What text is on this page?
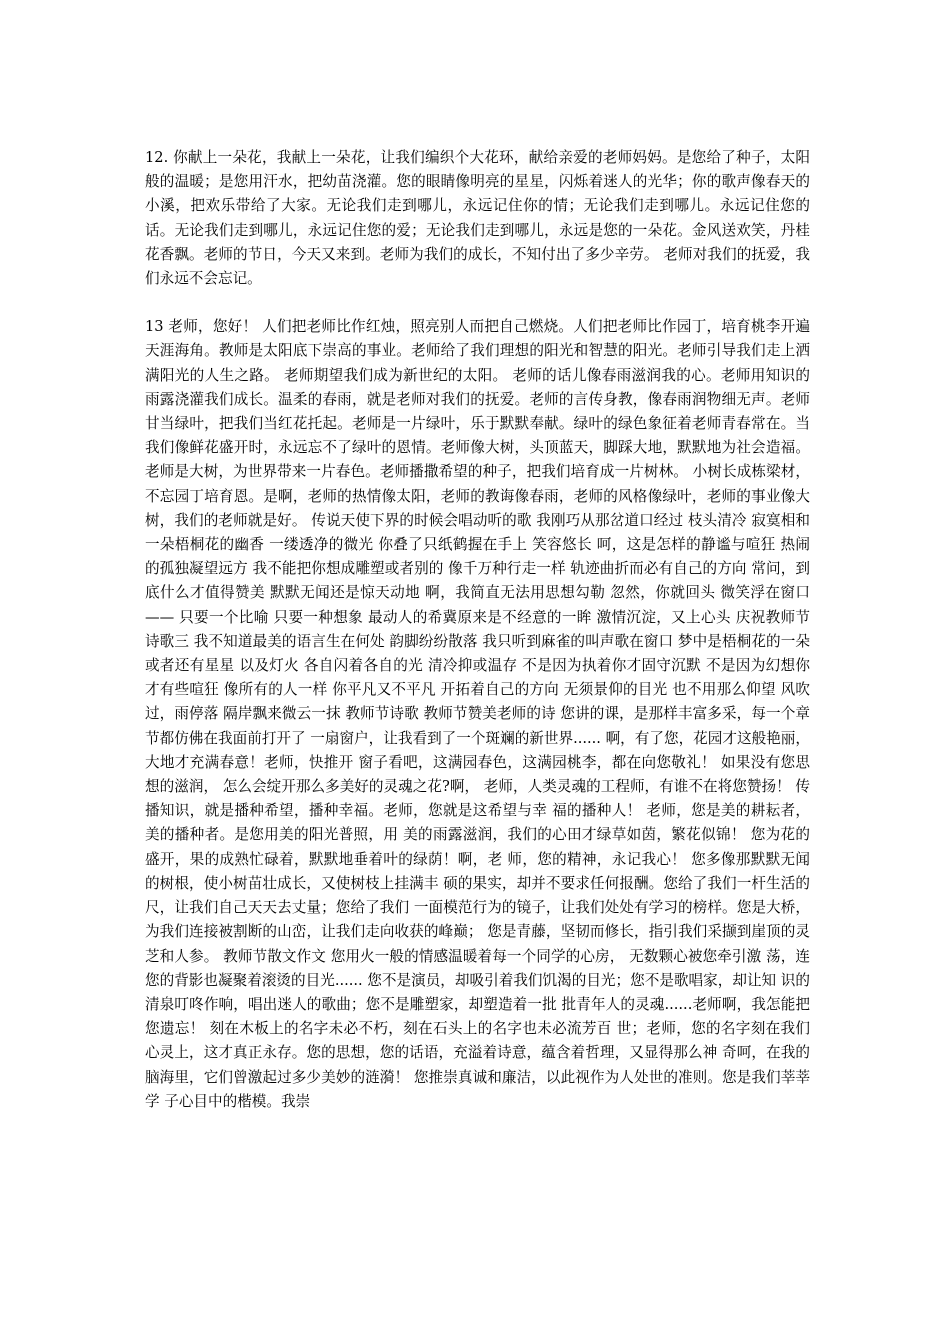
12. 你献上一朵花，我献上一朵花，让我们编织个大花环，献给亲爱的老师妈妈。是您给了种子，太阳般的温暖；是您用汗水，把幼苗浇灌。您的眼睛像明亮的星星，闪烁着迷人的光华；你的歌声像春天的小溪，把欢乐带给了大家。无论我们走到哪儿，永远记住你的情；无论我们走到哪儿。永远记住您的话。无论我们走到哪儿，永远记住您的爱；无论我们走到哪儿，永远是您的一朵花。金风送欢笑，丹桂花香飘。老师的节日，今天又来到。老师为我们的成长，不知付出了多少辛劳。 老师对我们的抚爱，我们永远不会忘记。

13 老师，您好！ 人们把老师比作红烛，照亮别人而把自己燃烧。人们把老师比作园丁，培育桃李开遍天涯海角。教师是太阳底下崇高的事业。老师给了我们理想的阳光和智慧的阳光。老师引导我们走上洒满阳光的人生之路。 老师期望我们成为新世纪的太阳。 老师的话儿像春雨滋润我的心。老师用知识的雨露浇灌我们成长。温柔的春雨，就是老师对我们的抚爱。老师的言传身教，像春雨润物细无声。老师甘当绿叶，把我们当红花托起。老师是一片绿叶，乐于默默奉献。绿叶的绿色象征着老师青春常在。当我们像鲜花盛开时，永远忘不了绿叶的恩情。老师像大树，头顶蓝天，脚踩大地，默默地为社会造福。老师是大树，为世界带来一片春色。老师播撒希望的种子，把我们培育成一片树林。 小树长成栋梁材，不忘园丁培育恩。是啊，老师的热情像太阳，老师的教诲像春雨，老师的风格像绿叶，老师的事业像大树，我们的老师就是好。 传说天使下界的时候会唱动听的歌 我刚巧从那岔道口经过 枝头清冷 寂寞相和 一朵梧桐花的幽香 一缕透净的微光 你叠了只纸鹤握在手上 笑容悠长 呵，这是怎样的静谧与喧狂 热闹的孤独凝望远方 我不能把你想成雕塑或者别的 像千万种行走一样 轨迹曲折而必有自己的方向 常问，到底什么才值得赞美 默默无闻还是惊天动地 啊，我简直无法用思想勾勒 忽然，你就回头 微笑浮在窗口 —— 只要一个比喻 只要一种想象 最动人的希冀原来是不经意的一眸 激情沉淀，又上心头 庆祝教师节诗歌三 我不知道最美的语言生在何处 韵脚纷纷散落 我只听到麻雀的叫声歌在窗口 梦中是梧桐花的一朵 或者还有星星 以及灯火 各自闪着各自的光 清冷抑或温存 不是因为执着你才固守沉默 不是因为幻想你才有些喧狂 像所有的人一样 你平凡又不平凡 开拓着自己的方向 无须景仰的目光 也不用那么仰望 风吹过，雨停落 隔岸飘来微云一抹 教师节诗歌 教师节赞美老师的诗 您讲的课，是那样丰富多采，每一个章节都仿佛在我面前打开了 一扇窗户，让我看到了一个斑斓的新世界...... 啊，有了您，花园才这般艳丽，大地才充满春意！老师，快推开 窗子看吧，这满园春色，这满园桃李，都在向您敬礼！ 如果没有您思想的滋润， 怎么会绽开那么多美好的灵魂之花?啊， 老师，人类灵魂的工程师，有谁不在将您赞扬！ 传播知识，就是播种希望，播种幸福。老师，您就是这希望与幸 福的播种人！ 老师，您是美的耕耘者，美的播种者。是您用美的阳光普照，用 美的雨露滋润，我们的心田才绿草如茵，繁花似锦！ 您为花的盛开，果的成熟忙碌着，默默地垂着叶的绿荫！啊，老 师，您的精神，永记我心！ 您多像那默默无闻的树根，使小树苗壮成长，又使树枝上挂满丰 硕的果实，却并不要求任何报酬。您给了我们一杆生活的尺，让我们自己天天去丈量；您给了我们 一面模范行为的镜子，让我们处处有学习的榜样。您是大桥，为我们连接被割断的山峦，让我们走向收获的峰巅； 您是青藤，坚韧而修长，指引我们采撷到崖顶的灵芝和人参。 教师节散文作文 您用火一般的情感温暖着每一个同学的心房， 无数颗心被您牵引激 荡，连您的背影也凝聚着滚烫的目光...... 您不是演员，却吸引着我们饥渴的目光；您不是歌唱家，却让知 识的清泉叮咚作响，唱出迷人的歌曲；您不是雕塑家，却塑造着一批 批青年人的灵魂......老师啊，我怎能把您遗忘！ 刻在木板上的名字未必不朽，刻在石头上的名字也未必流芳百 世；老师，您的名字刻在我们心灵上，这才真正永存。您的思想，您的话语，充溢着诗意，蕴含着哲理，又显得那么神 奇呵，在我的脑海里，它们曾激起过多少美妙的涟漪！ 您推崇真诚和廉洁，以此视作为人处世的准则。您是我们莘莘学 子心目中的楷模。我崇
